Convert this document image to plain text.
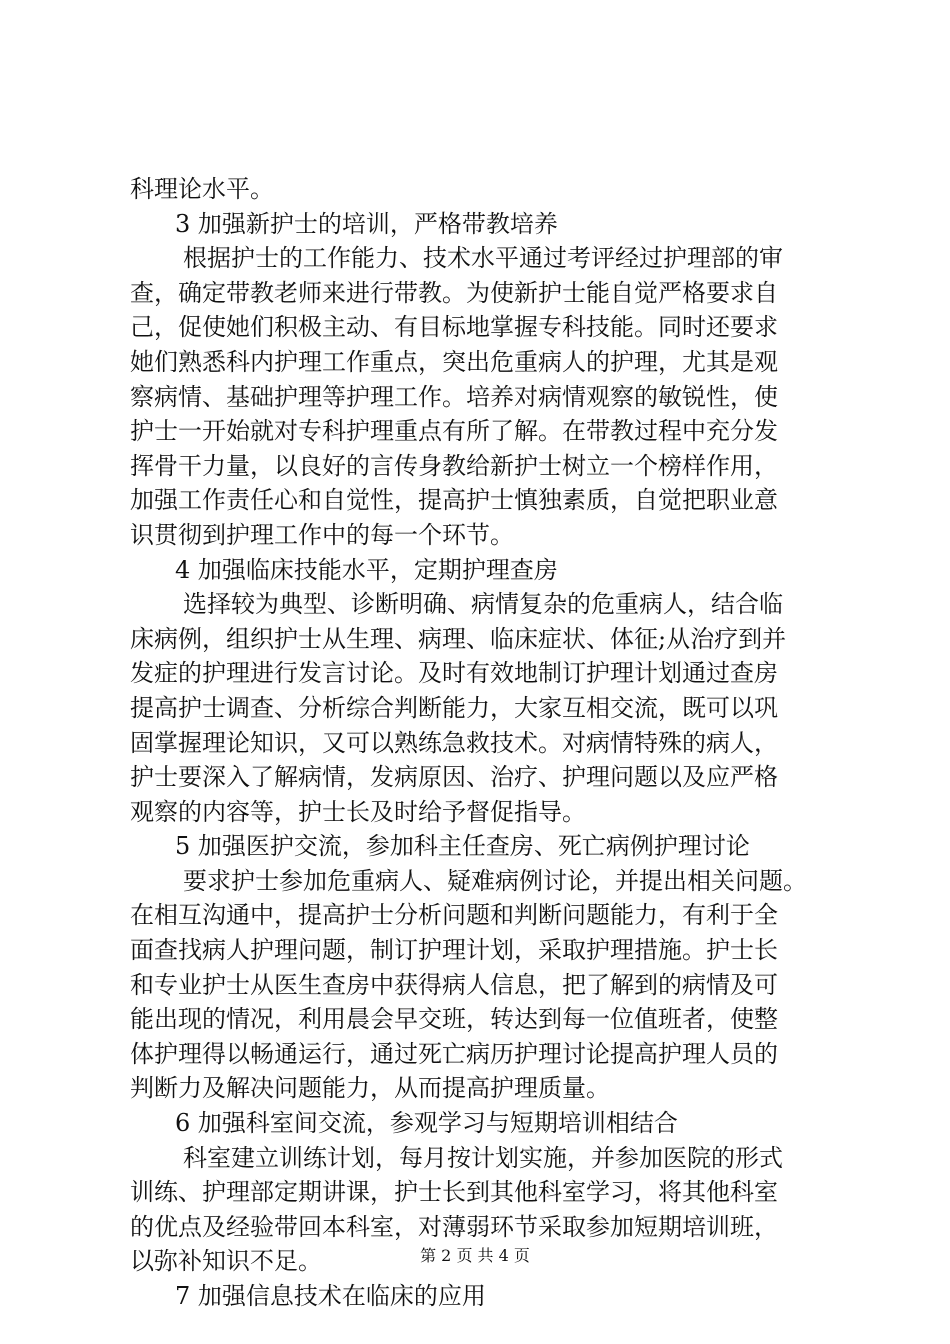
科理论水平。
3 加强新护士的培训，严格带教培养
根据护士的工作能力、技术水平通过考评经过护理部的审
查，确定带教老师来进行带教。为使新护士能自觉严格要求自
己，促使她们积极主动、有目标地掌握专科技能。同时还要求
她们熟悉科内护理工作重点，突出危重病人的护理，尤其是观
察病情、基础护理等护理工作。培养对病情观察的敏锐性，使
护士一开始就对专科护理重点有所了解。在带教过程中充分发
挥骨干力量，以良好的言传身教给新护士树立一个榜样作用，
加强工作责任心和自觉性，提高护士慎独素质，自觉把职业意
识贯彻到护理工作中的每一个环节。
4 加强临床技能水平，定期护理查房
选择较为典型、诊断明确、病情复杂的危重病人，结合临
床病例，组织护士从生理、病理、临床症状、体征;从治疗到并
发症的护理进行发言讨论。及时有效地制订护理计划通过查房
提高护士调查、分析综合判断能力，大家互相交流，既可以巩
固掌握理论知识，又可以熟练急救技术。对病情特殊的病人，
护士要深入了解病情，发病原因、治疗、护理问题以及应严格
观察的内容等，护士长及时给予督促指导。
5 加强医护交流，参加科主任查房、死亡病例护理讨论
要求护士参加危重病人、疑难病例讨论，并提出相关问题。
在相互沟通中，提高护士分析问题和判断问题能力，有利于全
面查找病人护理问题，制订护理计划，采取护理措施。护士长
和专业护士从医生查房中获得病人信息，把了解到的病情及可
能出现的情况，利用晨会早交班，转达到每一位值班者，使整
体护理得以畅通运行，通过死亡病历护理讨论提高护理人员的
判断力及解决问题能力，从而提高护理质量。
6 加强科室间交流，参观学习与短期培训相结合
科室建立训练计划，每月按计划实施，并参加医院的形式
训练、护理部定期讲课，护士长到其他科室学习，将其他科室
的优点及经验带回本科室，对薄弱环节采取参加短期培训班，
以弥补知识不足。
7 加强信息技术在临床的应用
第 2 页 共 4 页
